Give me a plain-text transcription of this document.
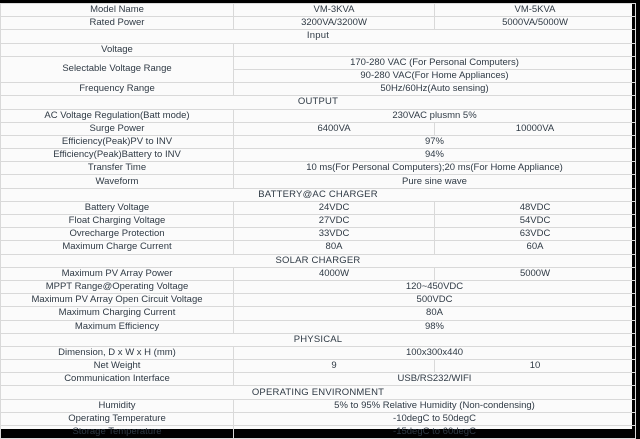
Model Name	VM-3KVA	VM-5KVA
Rated Power	3200VA/3200W	5000VA/5000W
Input		
Voltage		
Selectable Voltage Range	170-280 VAC (For Personal Computers)	
	90-280 VAC(For Home Appliances)	
Frequency Range	50Hz/60Hz(Auto sensing)	
OUTPUT		
AC Voltage Regulation(Batt mode)	230VAC plusmn 5%	
Surge Power	6400VA	10000VA
Efficiency(Peak)PV to INV	97%	
Efficiency(Peak)Battery to INV	94%	
Transfer Time	10 ms(For Personal Computers);20 ms(For Home Appliance)	
Waveform	Pure sine wave	
BATTERY@AC CHARGER		
Battery Voltage	24VDC	48VDC
Float Charging Voltage	27VDC	54VDC
Ovrecharge Protection	33VDC	63VDC
Maximum Charge Current	80A	60A
SOLAR CHARGER		
Maximum PV Array Power	4000W	5000W
MPPT Range@Operating Voltage	120~450VDC	
Maximum PV Array Open Circuit Voltage	500VDC	
Maximum Charging Current	80A	
Maximum Efficiency	98%	
PHYSICAL		
Dimension, D x W x H (mm)	100x300x440	
Net Weight	9	10
Communication Interface	USB/RS232/WIFI	
OPERATING ENVIRONMENT		
Humidity	5% to 95% Relative Humidity (Non-condensing)	
Operating Temperature	-10degC to 50degC	
Storage Temperature	-15degC to 60degC	
